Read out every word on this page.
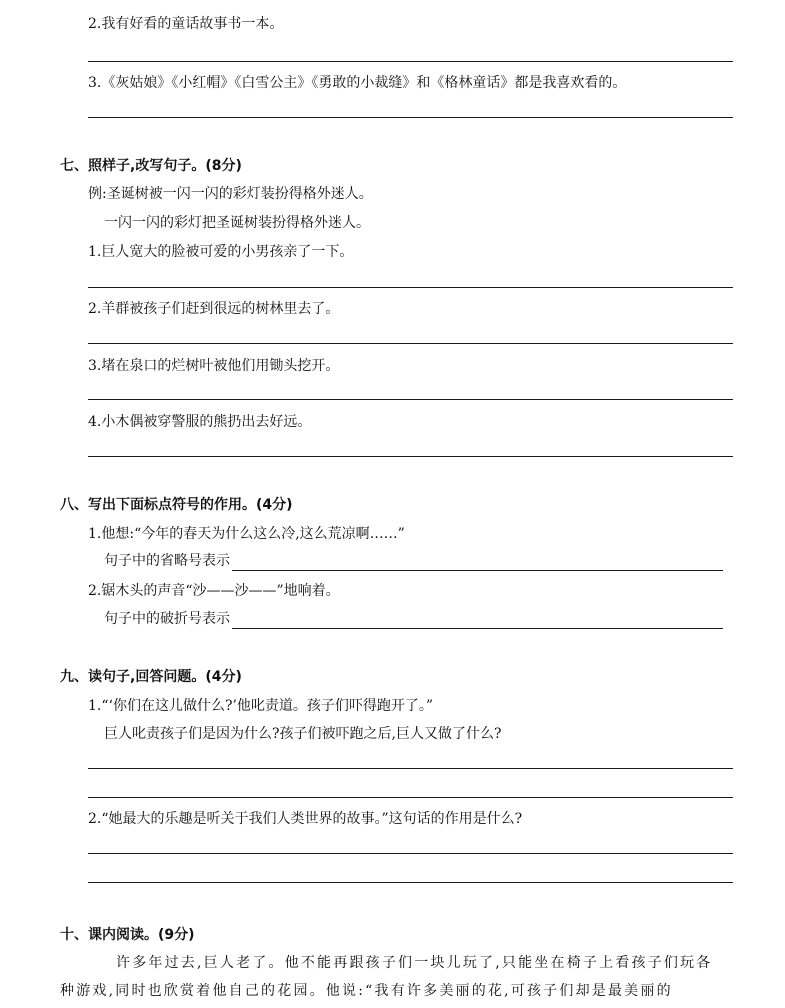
2.我有好看的童话故事书一本。
3.《灰姑娘》《小红帽》《白雪公主》《勇敢的小裁缝》和《格林童话》都是我喜欢看的。
七、照样子,改写句子。(8分)
例:圣诞树被一闪一闪的彩灯装扮得格外迷人。
一闪一闪的彩灯把圣诞树装扮得格外迷人。
1.巨人宽大的脸被可爱的小男孩亲了一下。
2.羊群被孩子们赶到很远的树林里去了。
3.堵在泉口的烂树叶被他们用锄头挖开。
4.小木偶被穿警服的熊扔出去好远。
八、写出下面标点符号的作用。(4分)
1.他想:“今年的春天为什么这么冷,这么荒凉啊……”
句子中的省略号表示
2.锯木头的声音“沙——沙——”地响着。
句子中的破折号表示
九、读句子,回答问题。(4分)
1.“‘你们在这儿做什么?’他叱责道。孩子们吓得跑开了。”
巨人叱责孩子们是因为什么?孩子们被吓跑之后,巨人又做了什么?
2.“她最大的乐趣是听关于我们人类世界的故事。”这句话的作用是什么?
十、课内阅读。(9分)
许多年过去,巨人老了。他不能再跟孩子们一块儿玩了,只能坐在椅子上看孩子们玩各
种游戏,同时也欣赏着他自己的花园。他说:“我有许多美丽的花,可孩子们却是最美丽的
